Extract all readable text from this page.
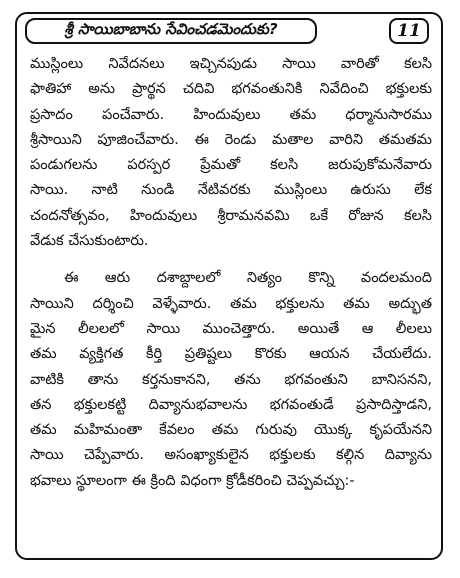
శ్రీ సాయిబాబాను సేవించడమెందుకు?	11
ముస్లింలు నివేదనలు ఇచ్చినపుడు సాయి వారితో కలసి
ఫాతిహా అను ప్రార్థన చదివి భగవంతునికి నివేదించి భక్తులకు
ప్రసాదం పంచేవారు. హిందువులు తమ ధర్మానుసారము
శ్రీసాయిని పూజించేవారు. ఈ రెండు మతాల వారిని తమతమ
పండుగలను పరస్పర ప్రేమతో కలసి జరుపుకోమనేవారు
సాయి. నాటి నుండి నేటివరకు ముస్లింలు ఉరుసు లేక
చందనోత్సవం, హిందువులు శ్రీరామనవమి ఒకే రోజున కలసి
వేడుక చేసుకుంటారు.
ఈ ఆరు దశాబ్దాలలో నిత్యం కొన్ని వందలమంది
సాయిని దర్శించి వెళ్ళేవారు. తమ భక్తులను తమ అద్భుత
మైన లీలలలో సాయి ముంచెత్తారు. అయితే ఆ లీలలు
తమ వ్యక్తిగత కీర్తి ప్రతిష్టలు కొరకు ఆయన చేయలేదు.
వాటికి తాను కర్తనుకానని, తను భగవంతుని బానిసనని,
తన భక్తులకట్టి దివ్యానుభవాలను భగవంతుడే ప్రసాదిస్తాడని,
తమ మహిమంతా కేవలం తమ గురువు యొక్క కృపయేనని
సాయి చెప్పేవారు. అసంఖ్యాకులైన భక్తులకు కల్గిన దివ్యాను
భవాలు స్థూలంగా ఈ క్రింది విధంగా క్రోడీకరించి చెప్పవచ్చు:-
